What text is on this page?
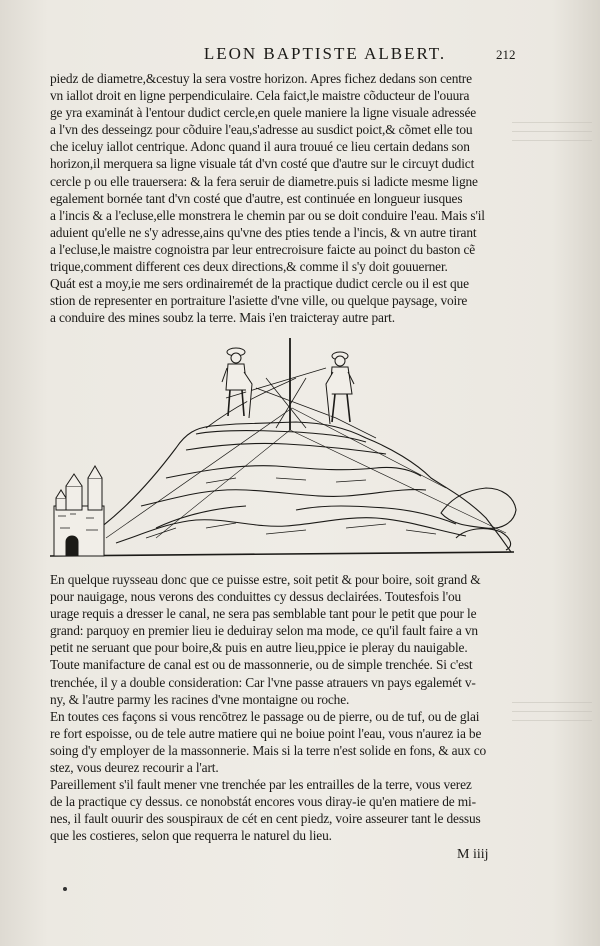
LEON BAPTISTE ALBERT.	212

piedz de diametre,&cestuy la sera vostre horizon. Apres fichez dedans son centre

vn iallot droit en ligne perpendiculaire. Cela faict,le maistre cõducteur de l'ouura

ge yra examinát à l'entour dudict cercle,en quele maniere la ligne visuale adressée

a l'vn des desseingz pour cõduire l'eau,s'adresse au susdict poict,& cõmet elle tou

che iceluy iallot centrique. Adonc quand il aura trouué ce lieu certain dedans son

horizon,il merquera sa ligne visuale tát d'vn costé que d'autre sur le circuyt dudict

cercle p ou elle trauersera: & la fera seruir de diametre.puis si ladicte mesme ligne

egalement bornée tant d'vn costé que d'autre, est continuée en longueur iusques

a l'incis & a l'ecluse,elle monstrera le chemin par ou se doit conduire l'eau. Mais s'il

aduient qu'elle ne s'y adresse,ains qu'vne des pties tende a l'incis, & vn autre tirant

a l'ecluse,le maistre cognoistra par leur entrecroisure faicte au poinct du baston cẽ

trique,comment different ces deux directions,& comme il s'y doit gouuerner.

Quát est a moy,ie me sers ordinairemét de la practique dudict cercle ou il est que

stion de representer en portraiture l'asiette d'vne ville, ou quelque paysage, voire

a conduire des mines soubz la terre. Mais i'en traicteray autre part.

En quelque ruysseau donc que ce puisse estre, soit petit & pour boire, soit grand &

pour nauigage, nous verons des conduittes cy dessus declairées. Toutesfois l'ou

urage requis a dresser le canal, ne sera pas semblable tant pour le petit que pour le

grand: parquoy en premier lieu ie deduiray selon ma mode, ce qu'il fault faire a vn

petit ne seruant que pour boire,& puis en autre lieu,ppice ie pleray du nauigable.

Toute manifacture de canal est ou de massonnerie, ou de simple trenchée. Si c'est

trenchée, il y a double consideration: Car l'vne passe atrauers vn pays egalemét v-

ny, & l'autre parmy les racines d'vne montaigne ou roche.

En toutes ces façons si vous rencōtrez le passage ou de pierre, ou de tuf, ou de glai

re fort espoisse, ou de tele autre matiere qui ne boiue point l'eau, vous n'aurez ia be

soing d'y employer de la massonnerie. Mais si la terre n'est solide en fons, & aux co

stez, vous deurez recourir a l'art.

Pareillement s'il fault mener vne trenchée par les entrailles de la terre, vous verez

de la practique cy dessus. ce nonobstát encores vous diray-ie qu'en matiere de mi-

nes, il fault ouurir des souspiraux de cét en cent piedz, voire asseurer tant le dessus

que les costieres, selon que requerra le naturel du lieu.

M iiij
